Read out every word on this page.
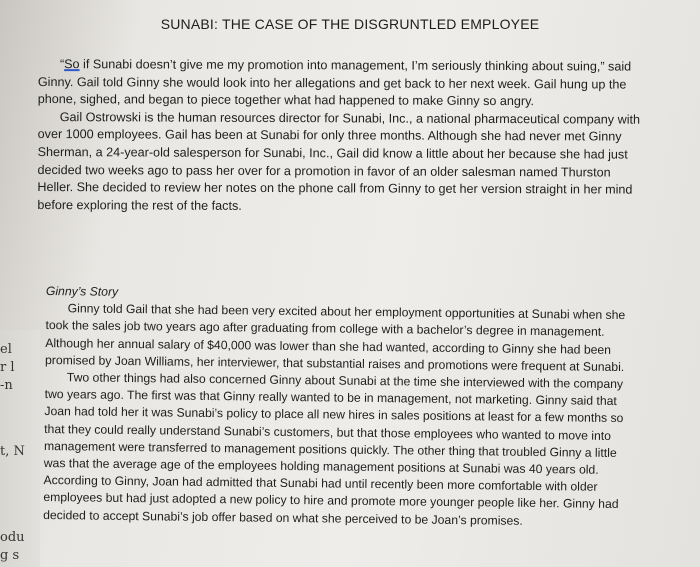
SUNABI: THE CASE OF THE DISGRUNTLED EMPLOYEE

“So if Sunabi doesn’t give me my promotion into management, I’m seriously thinking about suing,” said Ginny. Gail told Ginny she would look into her allegations and get back to her next week. Gail hung up the phone, sighed, and began to piece together what had happened to make Ginny so angry.

Gail Ostrowski is the human resources director for Sunabi, Inc., a national pharmaceutical company with over 1000 employees. Gail has been at Sunabi for only three months. Although she had never met Ginny Sherman, a 24-year-old salesperson for Sunabi, Inc., Gail did know a little about her because she had just decided two weeks ago to pass her over for a promotion in favor of an older salesman named Thurston Heller. She decided to review her notes on the phone call from Ginny to get her version straight in her mind before exploring the rest of the facts.

Ginny’s Story

Ginny told Gail that she had been very excited about her employment opportunities at Sunabi when she took the sales job two years ago after graduating from college with a bachelor’s degree in management. Although her annual salary of $40,000 was lower than she had wanted, according to Ginny she had been promised by Joan Williams, her interviewer, that substantial raises and promotions were frequent at Sunabi.

Two other things had also concerned Ginny about Sunabi at the time she interviewed with the company two years ago. The first was that Ginny really wanted to be in management, not marketing. Ginny said that Joan had told her it was Sunabi’s policy to place all new hires in sales positions at least for a few months so that they could really understand Sunabi’s customers, but that those employees who wanted to move into management were transferred to management positions quickly. The other thing that troubled Ginny a little was that the average age of the employees holding management positions at Sunabi was 40 years old. According to Ginny, Joan had admitted that Sunabi had until recently been more comfortable with older employees but had just adopted a new policy to hire and promote more younger people like her. Ginny had decided to accept Sunabi’s job offer based on what she perceived to be Joan’s promises.

el
r l
-n
t, N
odu
g s
